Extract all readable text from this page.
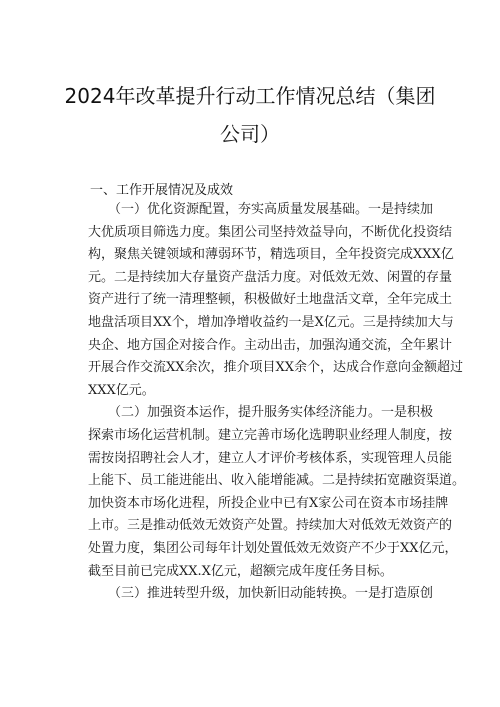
2024年改革提升行动工作情况总结（集团
公司）
一、工作开展情况及成效
（一）优化资源配置，夯实高质量发展基础。一是持续加
大优质项目筛选力度。集团公司坚持效益导向，不断优化投资结
构，聚焦关键领域和薄弱环节，精选项目，全年投资完成XXX亿
元。二是持续加大存量资产盘活力度。对低效无效、闲置的存量
资产进行了统一清理整顿，积极做好土地盘活文章，全年完成土
地盘活项目XX个，增加净增收益约一是X亿元。三是持续加大与
央企、地方国企对接合作。主动出击，加强沟通交流，全年累计
开展合作交流XX余次，推介项目XX余个，达成合作意向金额超过
XXX亿元。
（二）加强资本运作，提升服务实体经济能力。一是积极
探索市场化运营机制。建立完善市场化选聘职业经理人制度，按
需按岗招聘社会人才，建立人才评价考核体系，实现管理人员能
上能下、员工能进能出、收入能增能减。二是持续拓宽融资渠道。
加快资本市场化进程，所投企业中已有X家公司在资本市场挂牌
上市。三是推动低效无效资产处置。持续加大对低效无效资产的
处置力度，集团公司每年计划处置低效无效资产不少于XX亿元，
截至目前已完成XX.X亿元，超额完成年度任务目标。
（三）推进转型升级，加快新旧动能转换。一是打造原创
